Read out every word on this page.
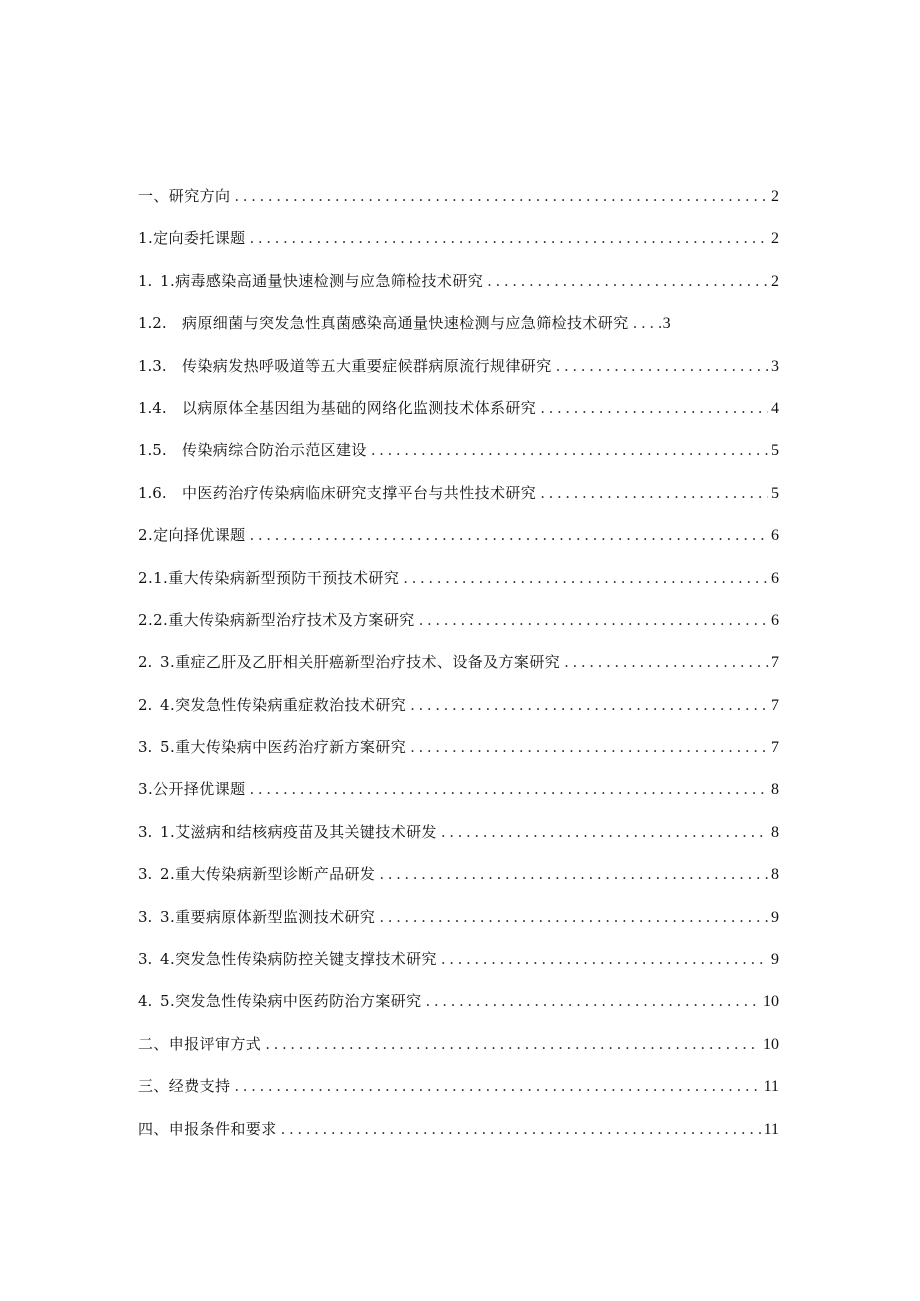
一、研究方向 .....	2
1.定向委托课题 .....	2
1. 1.病毒感染高通量快速检测与应急筛检技术研究 .....	2
1.2. 病原细菌与突发急性真菌感染高通量快速检测与应急筛检技术研究 ..... 3
1.3. 传染病发热呼吸道等五大重要症候群病原流行规律研究 .....	3
1.4. 以病原体全基因组为基础的网络化监测技术体系研究 .....	4
1.5. 传染病综合防治示范区建设 .....	5
1.6. 中医药治疗传染病临床研究支撑平台与共性技术研究 .....	5
2.定向择优课题 .....	6
2.1.重大传染病新型预防干预技术研究 .....	6
2.2.重大传染病新型治疗技术及方案研究 .....	6
2. 3.重症乙肝及乙肝相关肝癌新型治疗技术、设备及方案研究 .....	7
2. 4.突发急性传染病重症救治技术研究 .....	7
3. 5.重大传染病中医药治疗新方案研究 .....	7
3.公开择优课题 .....	8
3. 1.艾滋病和结核病疫苗及其关键技术研发 .....	8
3. 2.重大传染病新型诊断产品研发 .....	8
3. 3.重要病原体新型监测技术研究 .....	9
3. 4.突发急性传染病防控关键支撑技术研究 .....	9
4. 5.突发急性传染病中医药防治方案研究 .....	10
二、申报评审方式 .....	10
三、经费支持 .....	11
四、申报条件和要求 .....	11
